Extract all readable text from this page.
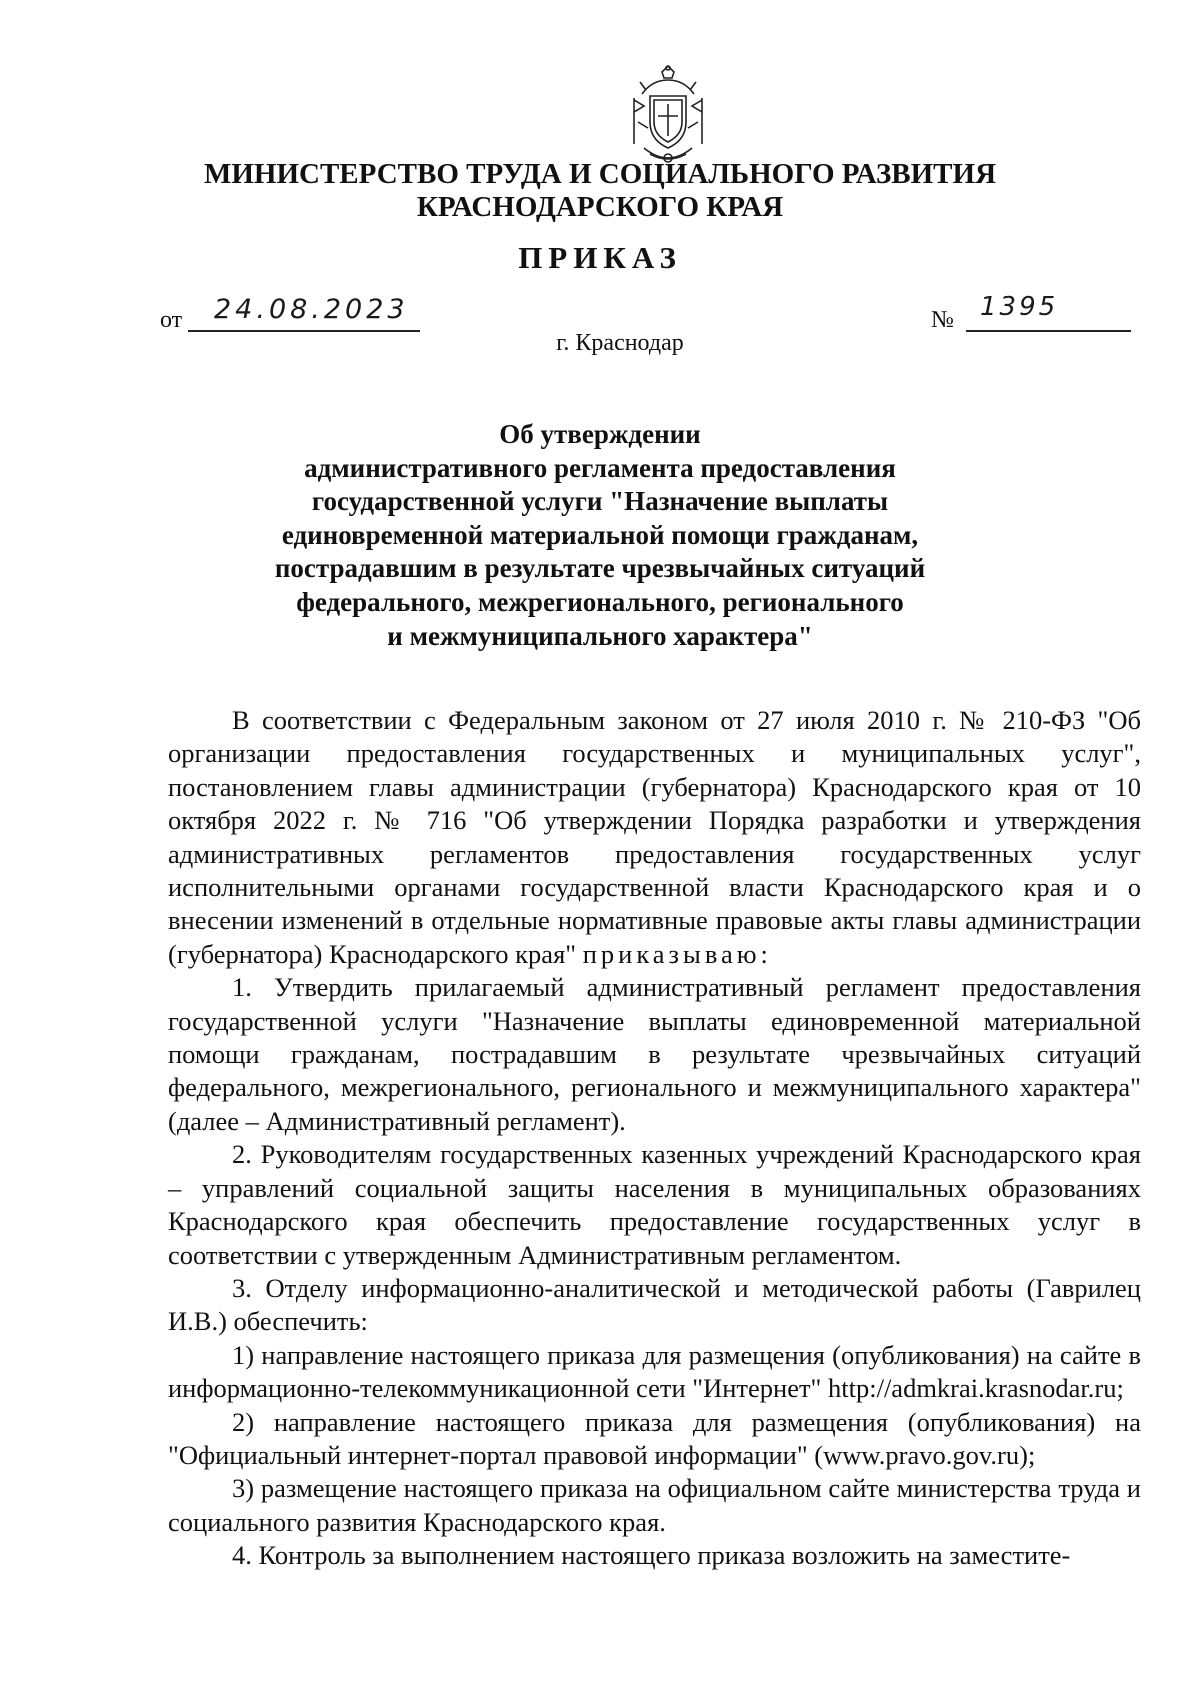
МИНИСТЕРСТВО ТРУДА И СОЦИАЛЬНОГО РАЗВИТИЯ
КРАСНОДАРСКОГО КРАЯ
ПРИКАЗ
от 24.08.2023	№ 1395
г. Краснодар
Об утверждении
административного регламента предоставления
государственной услуги "Назначение выплаты
единовременной материальной помощи гражданам,
пострадавшим в результате чрезвычайных ситуаций
федерального, межрегионального, регионального
и межмуниципального характера"

В соответствии с Федеральным законом от 27 июля 2010 г. № 210-ФЗ "Об организации предоставления государственных и муниципальных услуг", постановлением главы администрации (губернатора) Краснодарского края от 10 октября 2022 г. № 716 "Об утверждении Порядка разработки и утверждения административных регламентов предоставления государственных услуг исполнительными органами государственной власти Краснодарского края и о внесении изменений в отдельные нормативные правовые акты главы администрации (губернатора) Краснодарского края" приказываю:

1. Утвердить прилагаемый административный регламент предоставления государственной услуги "Назначение выплаты единовременной материальной помощи гражданам, пострадавшим в результате чрезвычайных ситуаций федерального, межрегионального, регионального и межмуниципального характера" (далее – Административный регламент).

2. Руководителям государственных казенных учреждений Краснодарского края – управлений социальной защиты населения в муниципальных образованиях Краснодарского края обеспечить предоставление государственных услуг в соответствии с утвержденным Административным регламентом.

3. Отделу информационно-аналитической и методической работы (Гаврилец И.В.) обеспечить:

1) направление настоящего приказа для размещения (опубликования) на сайте в информационно-телекоммуникационной сети "Интернет" http://admkrai.krasnodar.ru;

2) направление настоящего приказа для размещения (опубликования) на "Официальный интернет-портал правовой информации" (www.pravo.gov.ru);

3) размещение настоящего приказа на официальном сайте министерства труда и социального развития Краснодарского края.

4. Контроль за выполнением настоящего приказа возложить на заместите-
